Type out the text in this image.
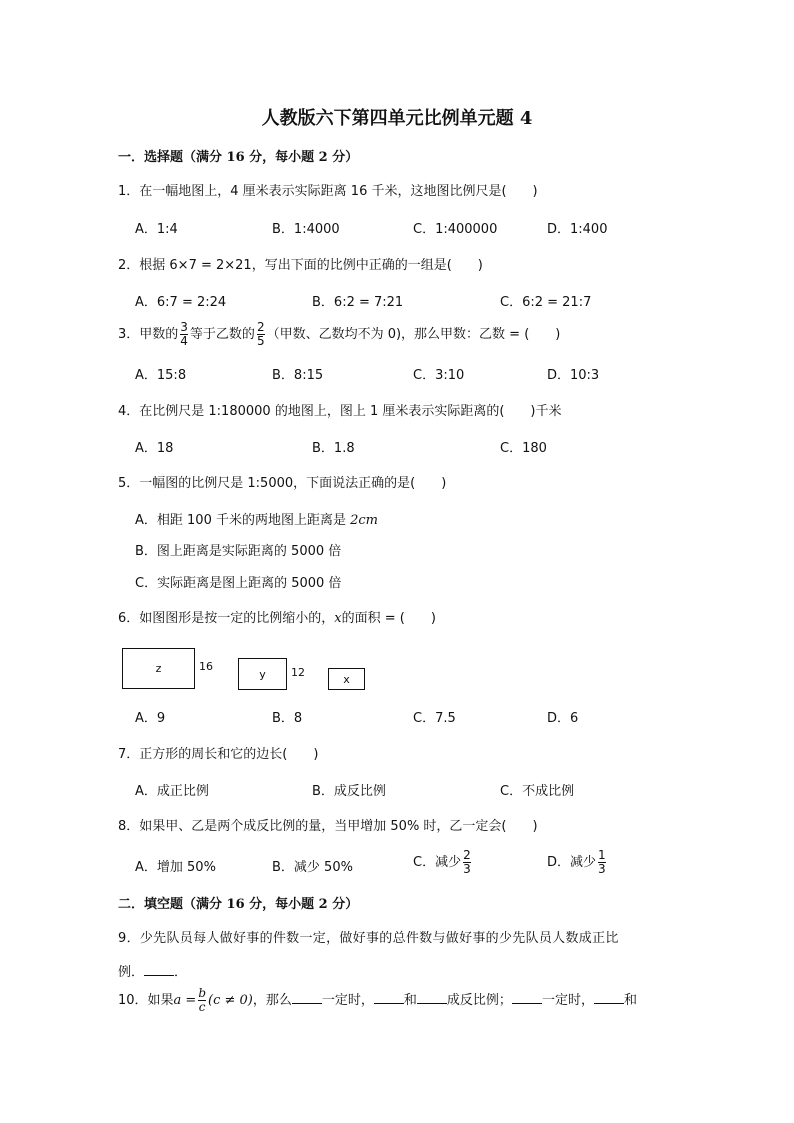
人教版六下第四单元比例单元题 4
一．选择题（满分 16 分，每小题 2 分）
1．在一幅地图上，4 厘米表示实际距离 16 千米，这地图比例尺是(　　)
A．1:4	B．1:4000	C．1:400000	D．1:400
2．根据 6×7 = 2×21，写出下面的比例中正确的一组是(　　)
A．6:7 = 2:24	B．6:2 = 7:21	C．6:2 = 21:7
3．甲数的 $\frac{3}{4}$ 等于乙数的 $\frac{2}{5}$ （甲数、乙数均不为 0)，那么甲数：乙数 = (　　)
A．15:8	B．8:15	C．3:10	D．10:3
4．在比例尺是 1:180000 的地图上，图上 1 厘米表示实际距离的(　　)千米
A．18	B．1.8	C．180
5．一幅图的比例尺是 1:5000，下面说法正确的是(　　)
A．相距 100 千米的两地图上距离是 2cm
B．图上距离是实际距离的 5000 倍
C．实际距离是图上距离的 5000 倍
6．如图图形是按一定的比例缩小的，x的面积 = (　　)
z	16
y 12	x
A．9	B．8	C．7.5	D．6
7．正方形的周长和它的边长(　　)
A．成正比例	B．成反比例	C．不成比例
8．如果甲、乙是两个成反比例的量，当甲增加 50% 时，乙一定会(　　)
A．增加 50%	B．减少 50%	C．减少 $\frac{2}{3}$	D．减少 $\frac{1}{3}$
二．填空题（满分 16 分，每小题 2 分）
9．少先队员每人做好事的件数一定，做好事的总件数与做好事的少先队员人数成正比
例． ．
10．如果$a = \frac{b}{c} (c \ne 0)$，那么 一定时， 和 成反比例； 一定时， 和
